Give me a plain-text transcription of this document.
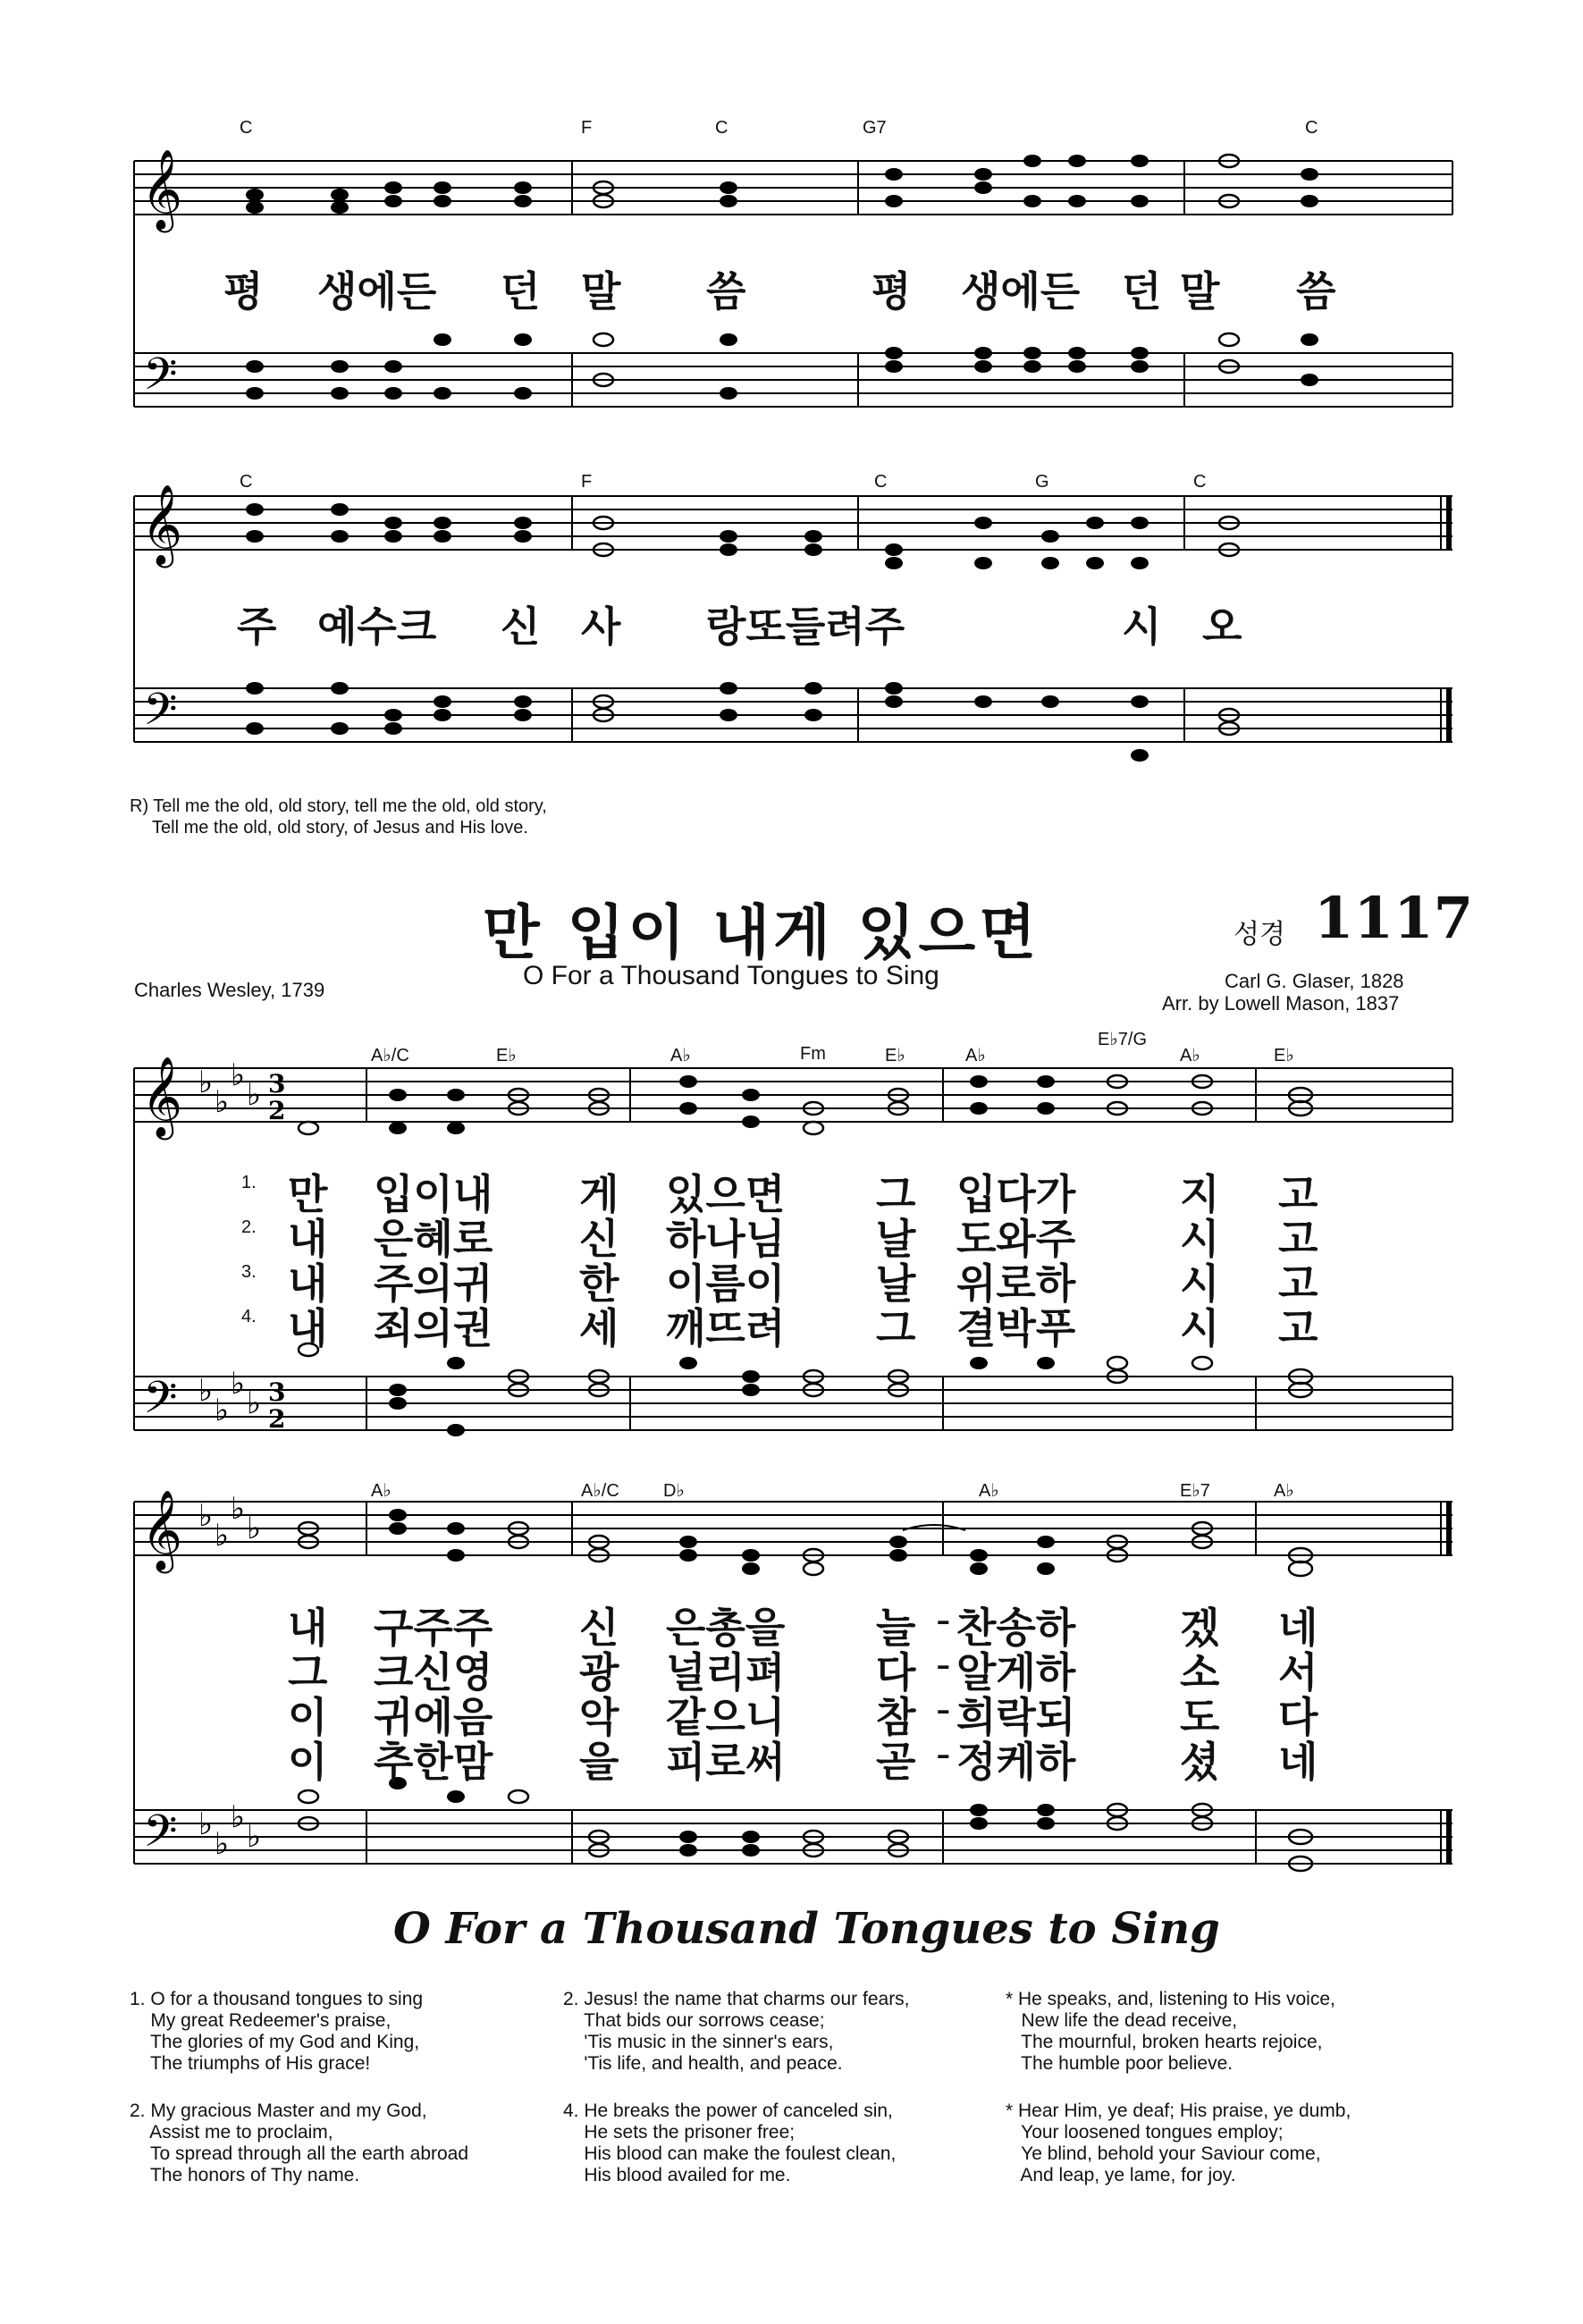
𝄞
𝄢
C	F	C	G7	C
평 생에든 던 말 씀	평 생에든 던 말 씀
𝄞
𝄢
C	F	C	G	C
주 예수크 신 사 랑또들려주	시 오
R) Tell me the old, old story, tell me the old, old story,
Tell me the old, old story, of Jesus and His love.
만 입이 내게 있으면	성경 1117
Charles Wesley, 1739	O For a Thousand Tongues to Sing	Carl G. Glaser, 1828
Arr. by Lowell Mason, 1837
𝄞
𝄢
♭
♭
♭
♭
♭
♭
♭
♭
3
2
3
2
A♭/C	E♭	A♭	Fm	E♭	A♭
E♭7/G
A♭	E♭
1.
2.
3.
4.
만 입이내 게 있으면 그 입다가	지 고
내 은혜로 신 하나님 날 도와주	시 고
내 주의귀 한 이름이 날 위로하	시 고
내 죄의권 세 깨뜨려 그 결박푸	시 고
𝄞
𝄢
♭
♭
♭
♭
♭
♭
♭
♭
A♭	A♭/C D♭	A♭	E♭7	A♭
내 구주주 신 은총을 늘 - 찬송하	겠 네
그 크신영 광 널리펴 다 - 알게하	소 서
이 귀에음 악 같으니 참 - 희락되	도 다
이 추한맘 을 피로써 곧 - 정케하	셨 네
O For a Thousand Tongues to Sing
1. O for a thousand tongues to sing
My great Redeemer's praise,
The glories of my God and King,
The triumphs of His grace!
2. Jesus! the name that charms our fears,
That bids our sorrows cease;
'Tis music in the sinner's ears,
'Tis life, and health, and peace.
* He speaks, and, listening to His voice,
New life the dead receive,
The mournful, broken hearts rejoice,
The humble poor believe.
2. My gracious Master and my God,
Assist me to proclaim,
To spread through all the earth abroad
The honors of Thy name.
4. He breaks the power of canceled sin,
He sets the prisoner free;
His blood can make the foulest clean,
His blood availed for me.
* Hear Him, ye deaf; His praise, ye dumb,
Your loosened tongues employ;
Ye blind, behold your Saviour come,
And leap, ye lame, for joy.
